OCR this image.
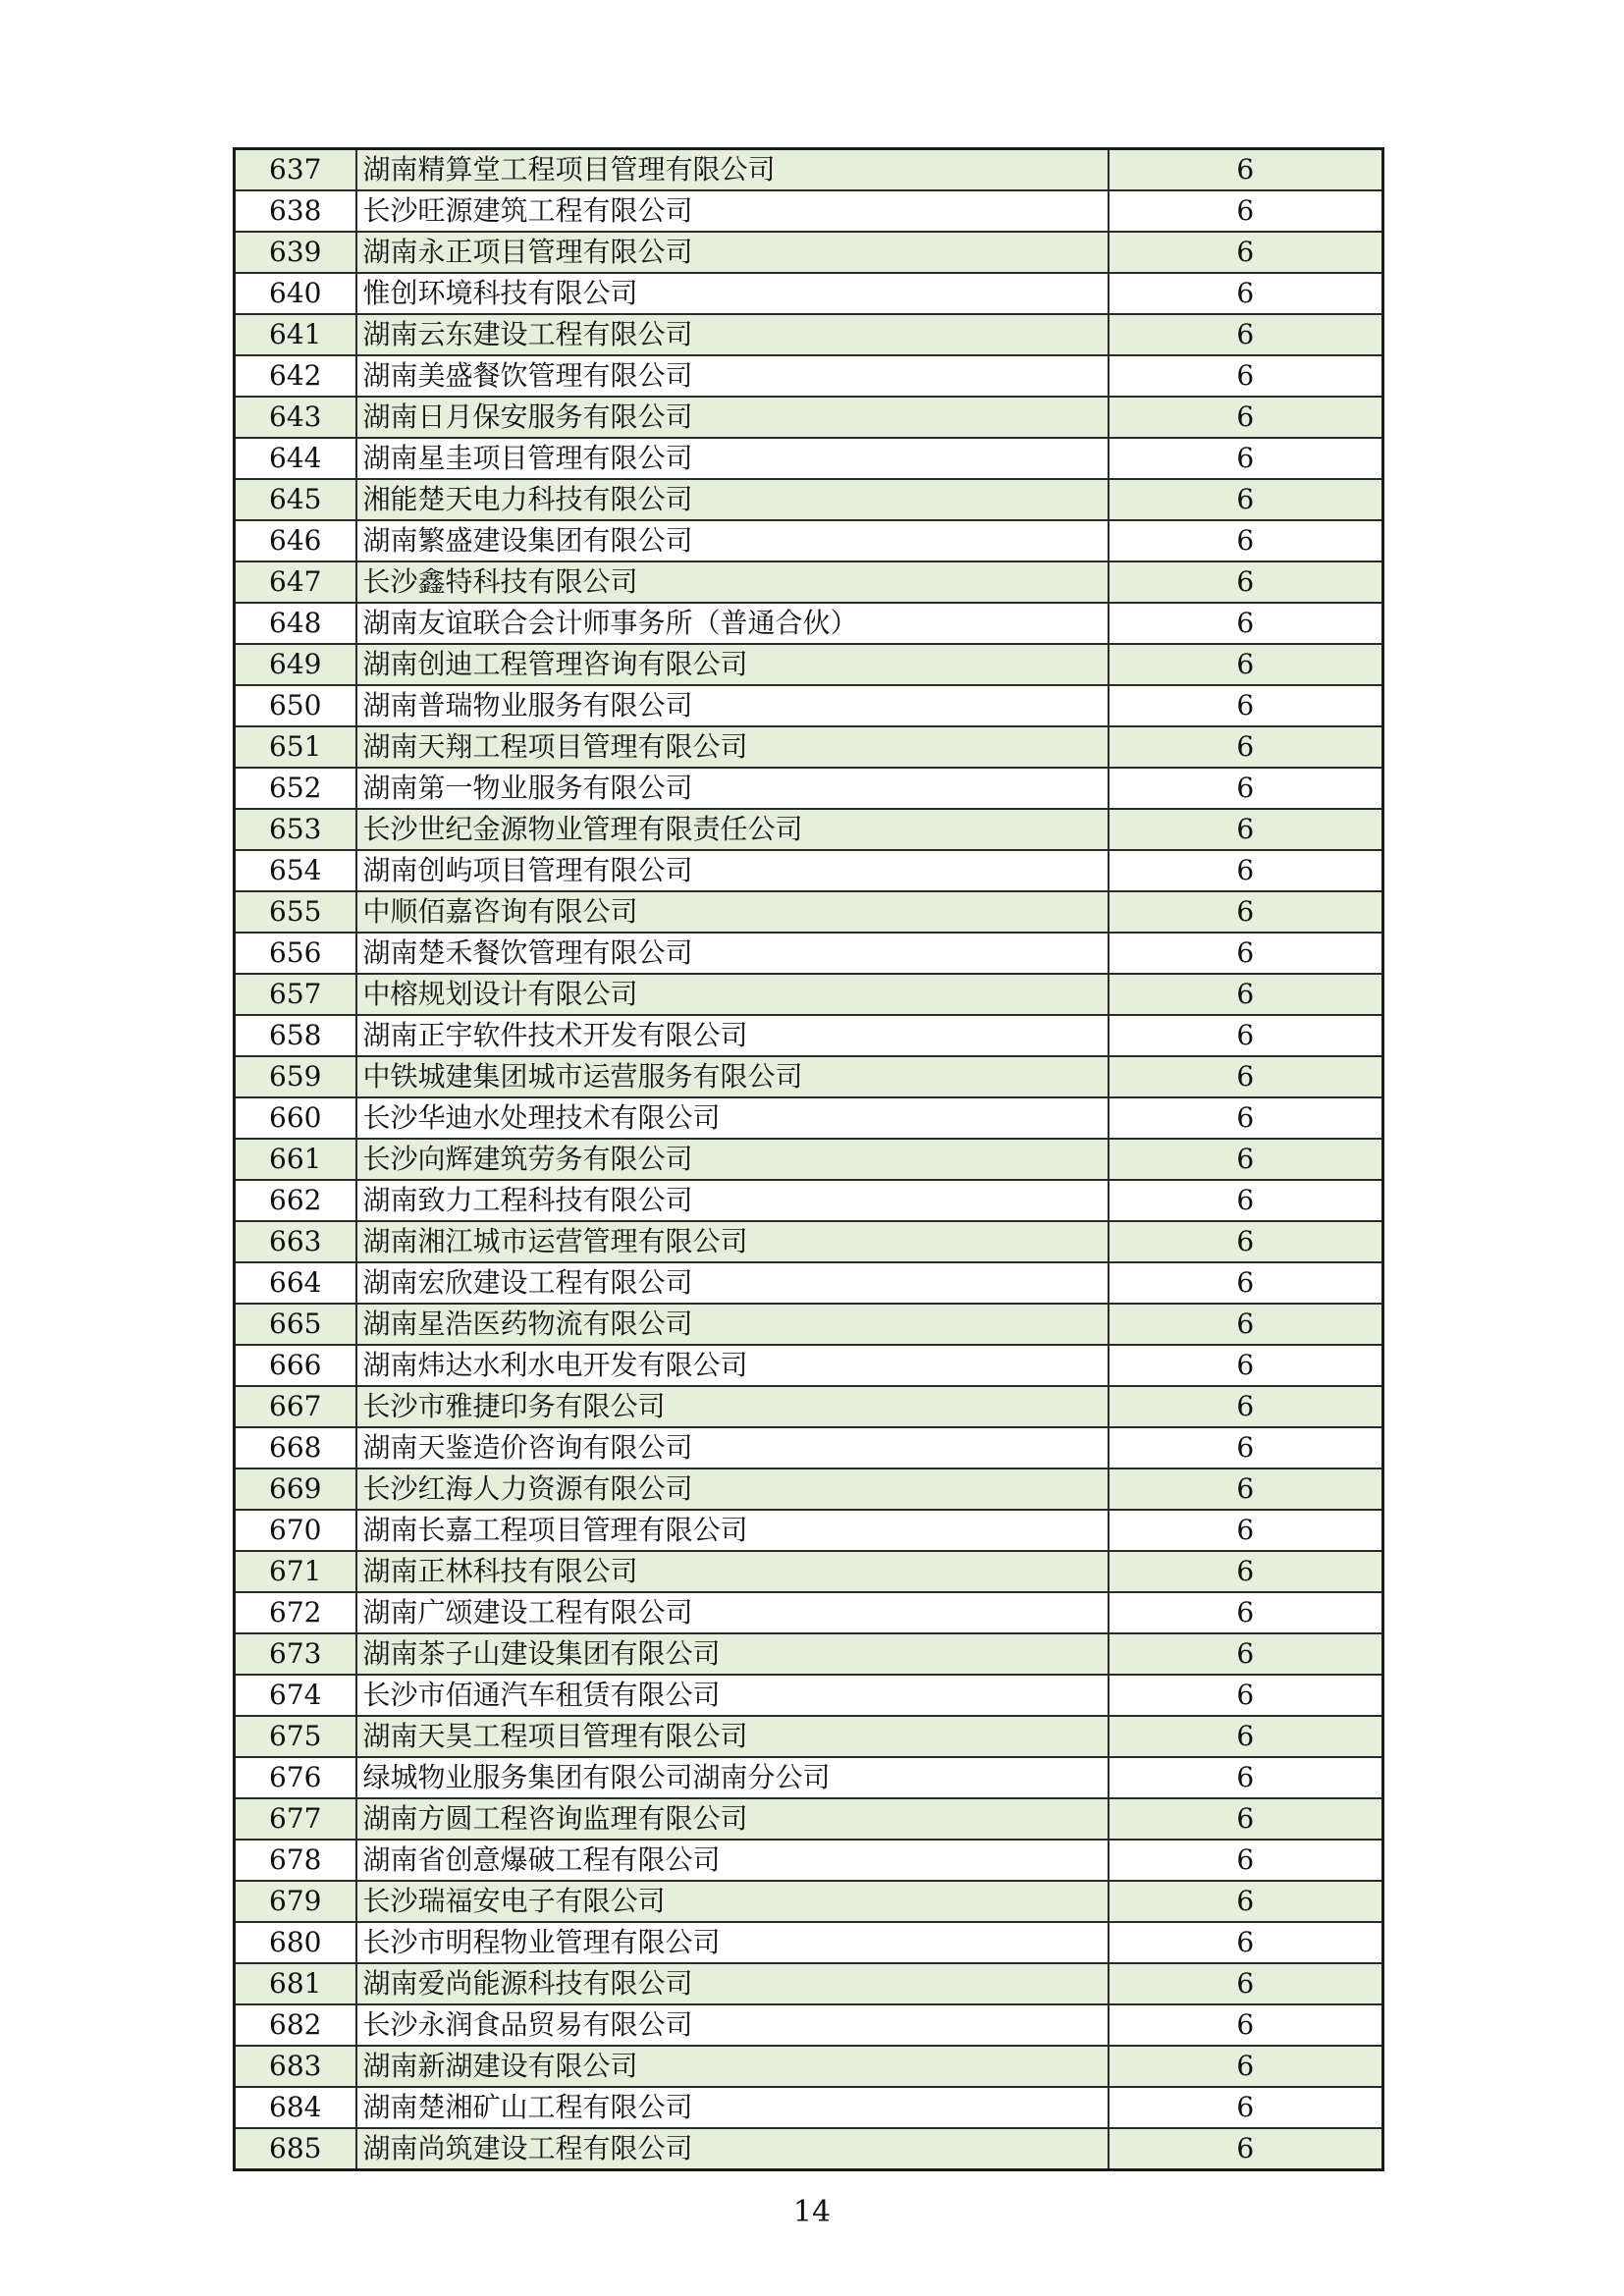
637	湖南精算堂工程项目管理有限公司	6
638	长沙旺源建筑工程有限公司	6
639	湖南永正项目管理有限公司	6
640	惟创环境科技有限公司	6
641	湖南云东建设工程有限公司	6
642	湖南美盛餐饮管理有限公司	6
643	湖南日月保安服务有限公司	6
644	湖南星圭项目管理有限公司	6
645	湘能楚天电力科技有限公司	6
646	湖南繁盛建设集团有限公司	6
647	长沙鑫特科技有限公司	6
648	湖南友谊联合会计师事务所（普通合伙）	6
649	湖南创迪工程管理咨询有限公司	6
650	湖南普瑞物业服务有限公司	6
651	湖南天翔工程项目管理有限公司	6
652	湖南第一物业服务有限公司	6
653	长沙世纪金源物业管理有限责任公司	6
654	湖南创屿项目管理有限公司	6
655	中顺佰嘉咨询有限公司	6
656	湖南楚禾餐饮管理有限公司	6
657	中榕规划设计有限公司	6
658	湖南正宇软件技术开发有限公司	6
659	中铁城建集团城市运营服务有限公司	6
660	长沙华迪水处理技术有限公司	6
661	长沙向辉建筑劳务有限公司	6
662	湖南致力工程科技有限公司	6
663	湖南湘江城市运营管理有限公司	6
664	湖南宏欣建设工程有限公司	6
665	湖南星浩医药物流有限公司	6
666	湖南炜达水利水电开发有限公司	6
667	长沙市雅捷印务有限公司	6
668	湖南天鉴造价咨询有限公司	6
669	长沙红海人力资源有限公司	6
670	湖南长嘉工程项目管理有限公司	6
671	湖南正林科技有限公司	6
672	湖南广颂建设工程有限公司	6
673	湖南茶子山建设集团有限公司	6
674	长沙市佰通汽车租赁有限公司	6
675	湖南天昊工程项目管理有限公司	6
676	绿城物业服务集团有限公司湖南分公司	6
677	湖南方圆工程咨询监理有限公司	6
678	湖南省创意爆破工程有限公司	6
679	长沙瑞福安电子有限公司	6
680	长沙市明程物业管理有限公司	6
681	湖南爱尚能源科技有限公司	6
682	长沙永润食品贸易有限公司	6
683	湖南新湖建设有限公司	6
684	湖南楚湘矿山工程有限公司	6
685	湖南尚筑建设工程有限公司	6
14
